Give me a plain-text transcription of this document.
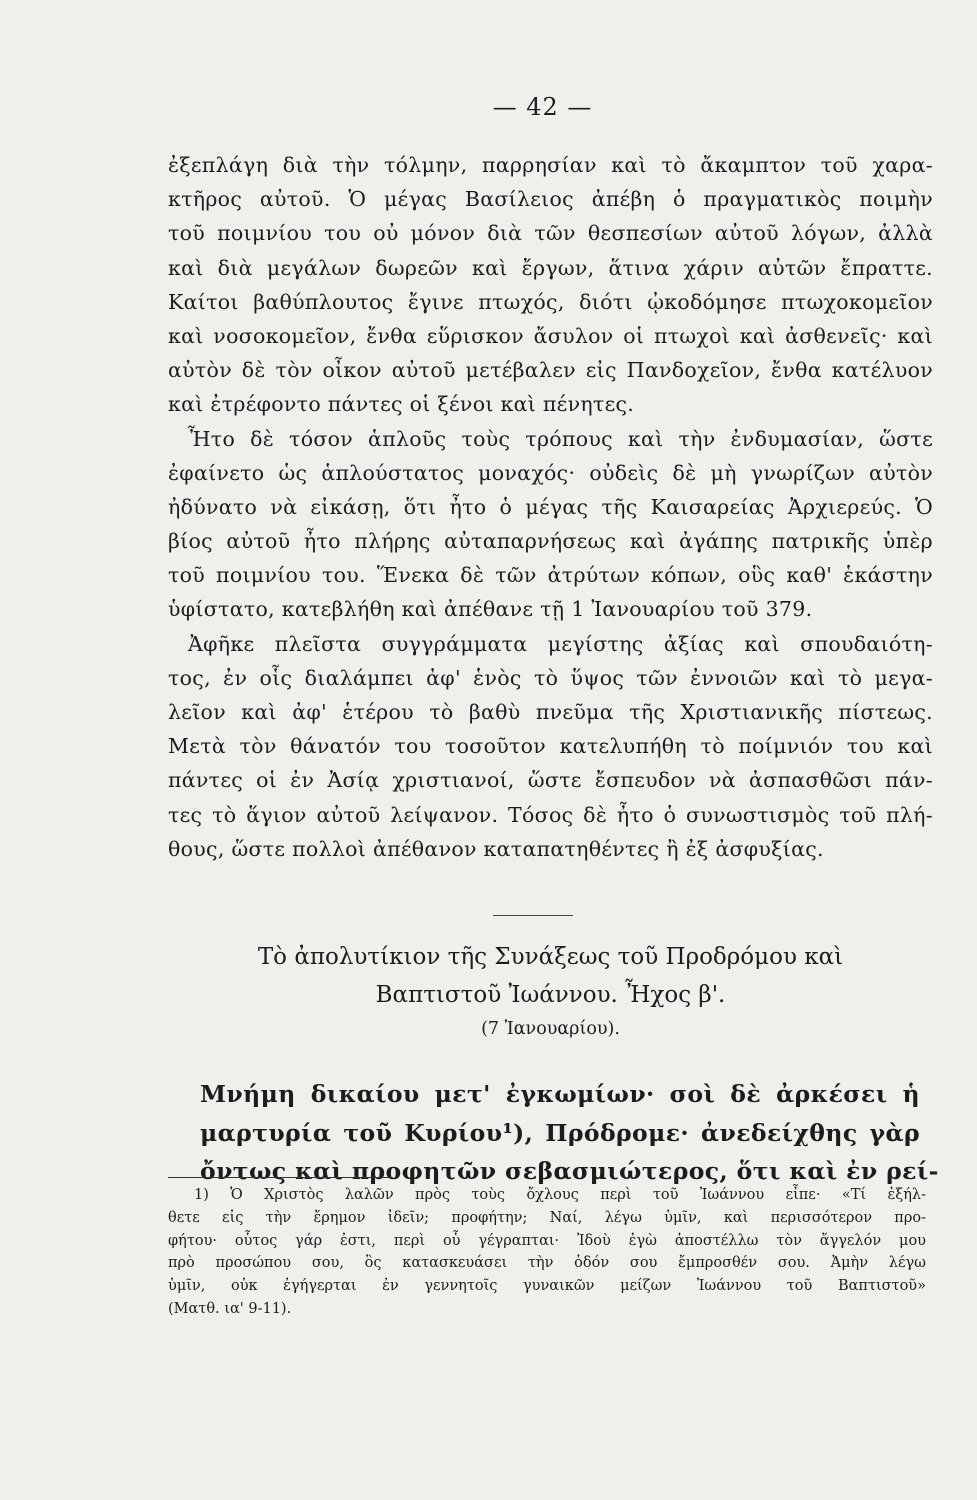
— 42 —
ἐξεπλάγη διὰ τὴν τόλμην, παρρησίαν καὶ τὸ ἄκαμπτον τοῦ χαρα-
κτῆρος αὐτοῦ. Ὁ μέγας Βασίλειος ἀπέβη ὁ πραγματικὸς ποιμὴν
τοῦ ποιμνίου του οὐ μόνον διὰ τῶν θεσπεσίων αὐτοῦ λόγων, ἀλλὰ
καὶ διὰ μεγάλων δωρεῶν καὶ ἔργων, ἅτινα χάριν αὐτῶν ἔπραττε.
Καίτοι βαθύπλουτος ἔγινε πτωχός, διότι ᾠκοδόμησε πτωχοκομεῖον
καὶ νοσοκομεῖον, ἔνθα εὕρισκον ἄσυλον οἱ πτωχοὶ καὶ ἀσθενεῖς· καὶ
αὐτὸν δὲ τὸν οἶκον αὐτοῦ μετέβαλεν εἰς Πανδοχεῖον, ἔνθα κατέλυον
καὶ ἐτρέφοντο πάντες οἱ ξένοι καὶ πένητες.
Ἦτο δὲ τόσον ἁπλοῦς τοὺς τρόπους καὶ τὴν ἐνδυμασίαν, ὥστε
ἐφαίνετο ὡς ἁπλούστατος μοναχός· οὐδεὶς δὲ μὴ γνωρίζων αὐτὸν
ἠδύνατο νὰ εἰκάσῃ, ὅτι ἦτο ὁ μέγας τῆς Καισαρείας Ἀρχιερεύς. Ὁ
βίος αὐτοῦ ἦτο πλήρης αὐταπαρνήσεως καὶ ἀγάπης πατρικῆς ὑπὲρ
τοῦ ποιμνίου του. Ἕνεκα δὲ τῶν ἀτρύτων κόπων, οὓς καθ' ἑκάστην
ὑφίστατο, κατεβλήθη καὶ ἀπέθανε τῇ 1 Ἰανουαρίου τοῦ 379.
Ἀφῆκε πλεῖστα συγγράμματα μεγίστης ἀξίας καὶ σπουδαιότη-
τος, ἐν οἷς διαλάμπει ἀφ' ἑνὸς τὸ ὕψος τῶν ἐννοιῶν καὶ τὸ μεγα-
λεῖον καὶ ἀφ' ἑτέρου τὸ βαθὺ πνεῦμα τῆς Χριστιανικῆς πίστεως.
Μετὰ τὸν θάνατόν του τοσοῦτον κατελυπήθη τὸ ποίμνιόν του καὶ
πάντες οἱ ἐν Ἀσίᾳ χριστιανοί, ὥστε ἔσπευδον νὰ ἀσπασθῶσι πάν-
τες τὸ ἅγιον αὐτοῦ λείψανον. Τόσος δὲ ἦτο ὁ συνωστισμὸς τοῦ πλή-
θους, ὥστε πολλοὶ ἀπέθανον καταπατηθέντες ἢ ἐξ ἀσφυξίας.
Τὸ ἀπολυτίκιον τῆς Συνάξεως τοῦ Προδρόμου καὶ
Βαπτιστοῦ Ἰωάννου. Ἦχος β'.
(7 Ἰανουαρίου).
Μνήμη δικαίου μετ' ἐγκωμίων· σοὶ δὲ ἀρκέσει ἡ
μαρτυρία τοῦ Κυρίου¹), Πρόδρομε· ἀνεδείχθης γὰρ
ὄντως καὶ προφητῶν σεβασμιώτερος, ὅτι καὶ ἐν ρεί-
1) Ὁ Χριστὸς λαλῶν πρὸς τοὺς ὄχλους περὶ τοῦ Ἰωάννου εἶπε· «Τί ἐξήλ-
θετε εἰς τὴν ἔρημον ἰδεῖν; προφήτην; Ναί, λέγω ὑμῖν, καὶ περισσότερον προ-
φήτου· οὗτος γάρ ἐστι, περὶ οὗ γέγραπται· Ἰδοὺ ἐγὼ ἀποστέλλω τὸν ἄγγελόν μου
πρὸ προσώπου σου, ὃς κατασκευάσει τὴν ὁδόν σου ἔμπροσθέν σου. Ἀμὴν λέγω
ὑμῖν, οὐκ ἐγήγερται ἐν γεννητοῖς γυναικῶν μείζων Ἰωάννου τοῦ Βαπτιστοῦ»
(Ματθ. ια' 9-11).
